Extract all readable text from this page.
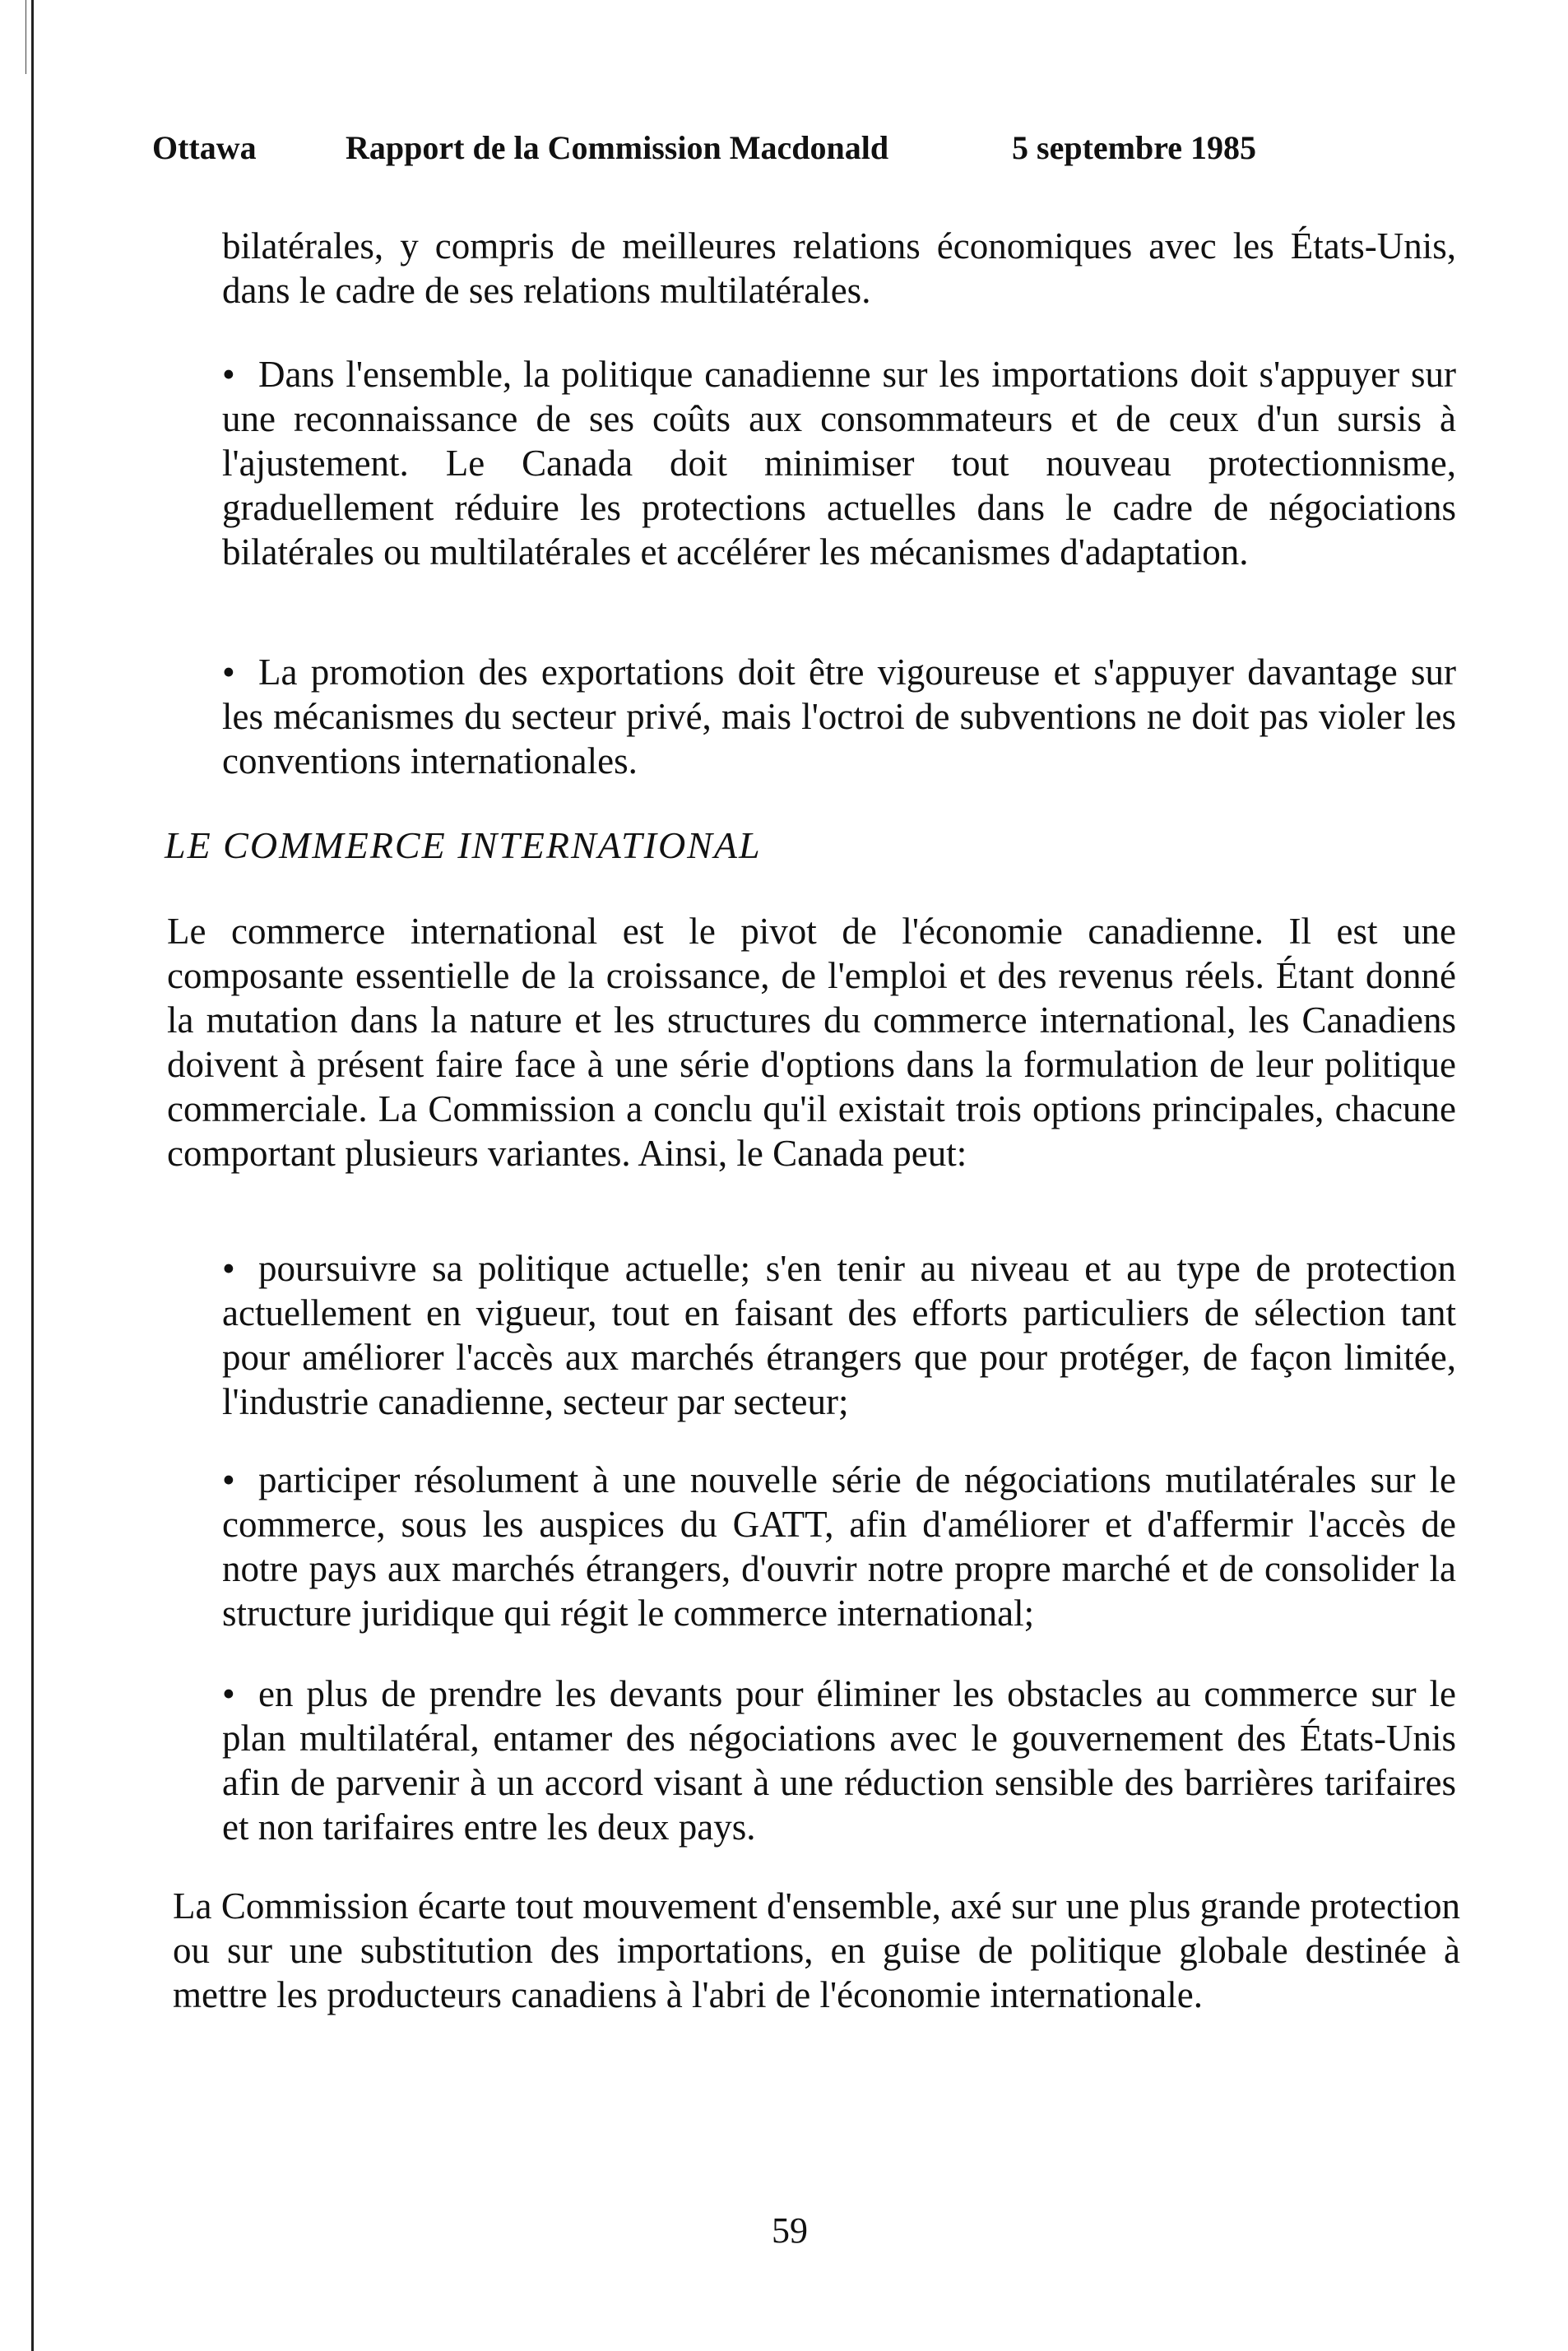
Ottawa	Rapport de la Commission Macdonald	5 septembre 1985
bilatérales, y compris de meilleures relations économiques avec les États-Unis, dans le cadre de ses relations multilatérales.
• Dans l'ensemble, la politique canadienne sur les importations doit s'appuyer sur une reconnaissance de ses coûts aux consommateurs et de ceux d'un sursis à l'ajustement. Le Canada doit minimiser tout nouveau protectionnisme, graduellement réduire les protections actuelles dans le cadre de négociations bilatérales ou multilatérales et accélérer les mécanismes d'adaptation.
• La promotion des exportations doit être vigoureuse et s'appuyer davantage sur les mécanismes du secteur privé, mais l'octroi de subventions ne doit pas violer les conventions internationales.
LE COMMERCE INTERNATIONAL
Le commerce international est le pivot de l'économie canadienne. Il est une composante essentielle de la croissance, de l'emploi et des revenus réels. Étant donné la mutation dans la nature et les structures du commerce international, les Canadiens doivent à présent faire face à une série d'options dans la formulation de leur politique commerciale. La Commission a conclu qu'il existait trois options principales, chacune comportant plusieurs variantes. Ainsi, le Canada peut:
• poursuivre sa politique actuelle; s'en tenir au niveau et au type de protection actuellement en vigueur, tout en faisant des efforts particuliers de sélection tant pour améliorer l'accès aux marchés étrangers que pour protéger, de façon limitée, l'industrie canadienne, secteur par secteur;
• participer résolument à une nouvelle série de négociations mutilatérales sur le commerce, sous les auspices du GATT, afin d'améliorer et d'affermir l'accès de notre pays aux marchés étrangers, d'ouvrir notre propre marché et de consolider la structure juridique qui régit le commerce international;
• en plus de prendre les devants pour éliminer les obstacles au commerce sur le plan multilatéral, entamer des négociations avec le gouvernement des États-Unis afin de parvenir à un accord visant à une réduction sensible des barrières tarifaires et non tarifaires entre les deux pays.
La Commission écarte tout mouvement d'ensemble, axé sur une plus grande protection ou sur une substitution des importations, en guise de politique globale destinée à mettre les producteurs canadiens à l'abri de l'économie internationale.
59
